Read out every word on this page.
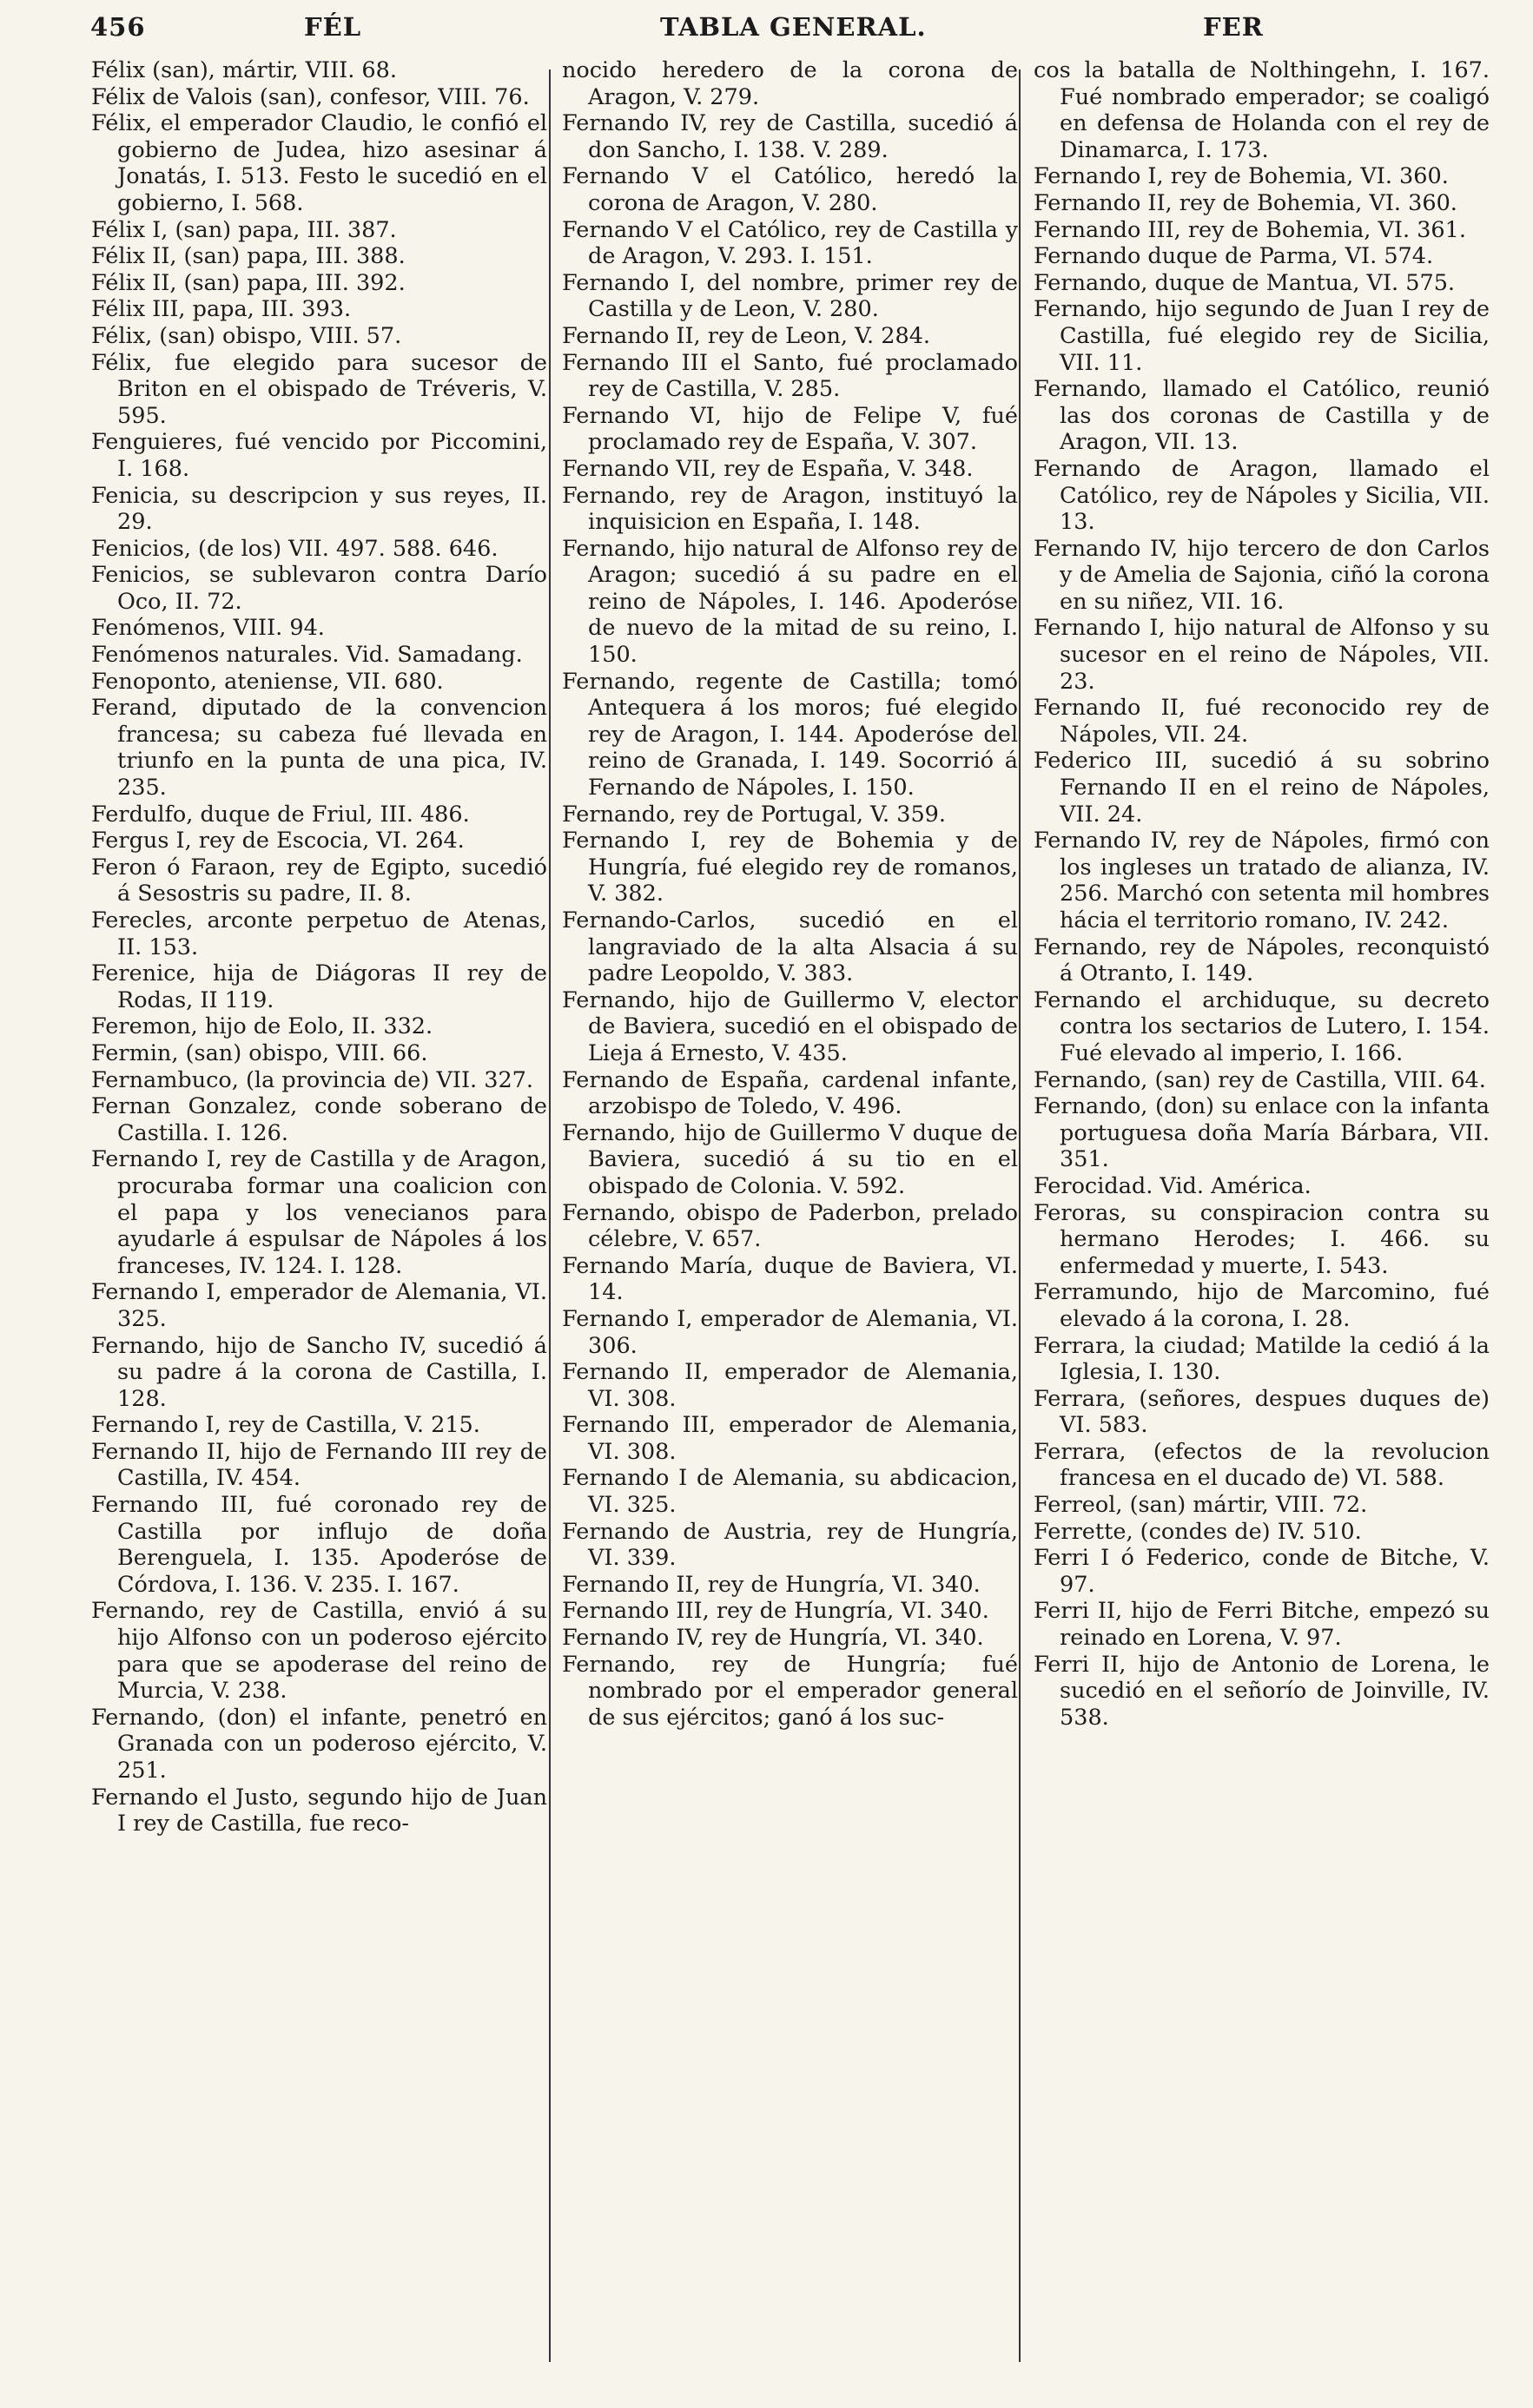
456	FÉL	TABLA GENERAL.	FER
Félix (san), mártir, VIII. 68.
Félix de Valois (san), confesor, VIII. 76.
Félix, el emperador Claudio, le confió el gobierno de Judea, hizo asesinar á Jonatás, I. 513. Festo le sucedió en el gobierno, I. 568.
Félix I, (san) papa, III. 387.
Félix II, (san) papa, III. 388.
Félix II, (san) papa, III. 392.
Félix III, papa, III. 393.
Félix, (san) obispo, VIII. 57.
Félix, fue elegido para sucesor de Briton en el obispado de Tréveris, V. 595.
Fenguieres, fué vencido por Piccomini, I. 168.
Fenicia, su descripcion y sus reyes, II. 29.
Fenicios, (de los) VII. 497. 588. 646.
Fenicios, se sublevaron contra Darío Oco, II. 72.
Fenómenos, VIII. 94.
Fenómenos naturales. Vid. Samadang.
Fenoponto, ateniense, VII. 680.
Ferand, diputado de la convencion francesa; su cabeza fué llevada en triunfo en la punta de una pica, IV. 235.
Ferdulfo, duque de Friul, III. 486.
Fergus I, rey de Escocia, VI. 264.
Feron ó Faraon, rey de Egipto, sucedió á Sesostris su padre, II. 8.
Ferecles, arconte perpetuo de Atenas, II. 153.
Ferenice, hija de Diágoras II rey de Rodas, II 119.
Feremon, hijo de Eolo, II. 332.
Fermin, (san) obispo, VIII. 66.
Fernambuco, (la provincia de) VII. 327.
Fernan Gonzalez, conde soberano de Castilla. I. 126.
Fernando I, rey de Castilla y de Aragon, procuraba formar una coalicion con el papa y los venecianos para ayudarle á espulsar de Nápoles á los franceses, IV. 124. I. 128.
Fernando I, emperador de Alemania, VI. 325.
Fernando, hijo de Sancho IV, sucedió á su padre á la corona de Castilla, I. 128.
Fernando I, rey de Castilla, V. 215.
Fernando II, hijo de Fernando III rey de Castilla, IV. 454.
Fernando III, fué coronado rey de Castilla por influjo de doña Berenguela, I. 135. Apoderóse de Córdova, I. 136. V. 235. I. 167.
Fernando, rey de Castilla, envió á su hijo Alfonso con un poderoso ejército para que se apoderase del reino de Murcia, V. 238.
Fernando, (don) el infante, penetró en Granada con un poderoso ejército, V. 251.
Fernando el Justo, segundo hijo de Juan I rey de Castilla, fue reco-
nocido heredero de la corona de Aragon, V. 279.
Fernando IV, rey de Castilla, sucedió á don Sancho, I. 138. V. 289.
Fernando V el Católico, heredó la corona de Aragon, V. 280.
Fernando V el Católico, rey de Castilla y de Aragon, V. 293. I. 151.
Fernando I, del nombre, primer rey de Castilla y de Leon, V. 280.
Fernando II, rey de Leon, V. 284.
Fernando III el Santo, fué proclamado rey de Castilla, V. 285.
Fernando VI, hijo de Felipe V, fué proclamado rey de España, V. 307.
Fernando VII, rey de España, V. 348.
Fernando, rey de Aragon, instituyó la inquisicion en España, I. 148.
Fernando, hijo natural de Alfonso rey de Aragon; sucedió á su padre en el reino de Nápoles, I. 146. Apoderóse de nuevo de la mitad de su reino, I. 150.
Fernando, regente de Castilla; tomó Antequera á los moros; fué elegido rey de Aragon, I. 144. Apoderóse del reino de Granada, I. 149. Socorrió á Fernando de Nápoles, I. 150.
Fernando, rey de Portugal, V. 359.
Fernando I, rey de Bohemia y de Hungría, fué elegido rey de romanos, V. 382.
Fernando-Carlos, sucedió en el langraviado de la alta Alsacia á su padre Leopoldo, V. 383.
Fernando, hijo de Guillermo V, elector de Baviera, sucedió en el obispado de Lieja á Ernesto, V. 435.
Fernando de España, cardenal infante, arzobispo de Toledo, V. 496.
Fernando, hijo de Guillermo V duque de Baviera, sucedió á su tio en el obispado de Colonia. V. 592.
Fernando, obispo de Paderbon, prelado célebre, V. 657.
Fernando María, duque de Baviera, VI. 14.
Fernando I, emperador de Alemania, VI. 306.
Fernando II, emperador de Alemania, VI. 308.
Fernando III, emperador de Alemania, VI. 308.
Fernando I de Alemania, su abdicacion, VI. 325.
Fernando de Austria, rey de Hungría, VI. 339.
Fernando II, rey de Hungría, VI. 340.
Fernando III, rey de Hungría, VI. 340.
Fernando IV, rey de Hungría, VI. 340.
Fernando, rey de Hungría; fué nombrado por el emperador general de sus ejércitos; ganó á los suc-
cos la batalla de Nolthingehn, I. 167. Fué nombrado emperador; se coaligó en defensa de Holanda con el rey de Dinamarca, I. 173.
Fernando I, rey de Bohemia, VI. 360.
Fernando II, rey de Bohemia, VI. 360.
Fernando III, rey de Bohemia, VI. 361.
Fernando duque de Parma, VI. 574.
Fernando, duque de Mantua, VI. 575.
Fernando, hijo segundo de Juan I rey de Castilla, fué elegido rey de Sicilia, VII. 11.
Fernando, llamado el Católico, reunió las dos coronas de Castilla y de Aragon, VII. 13.
Fernando de Aragon, llamado el Católico, rey de Nápoles y Sicilia, VII. 13.
Fernando IV, hijo tercero de don Carlos y de Amelia de Sajonia, ciñó la corona en su niñez, VII. 16.
Fernando I, hijo natural de Alfonso y su sucesor en el reino de Nápoles, VII. 23.
Fernando II, fué reconocido rey de Nápoles, VII. 24.
Federico III, sucedió á su sobrino Fernando II en el reino de Nápoles, VII. 24.
Fernando IV, rey de Nápoles, firmó con los ingleses un tratado de alianza, IV. 256. Marchó con setenta mil hombres hácia el territorio romano, IV. 242.
Fernando, rey de Nápoles, reconquistó á Otranto, I. 149.
Fernando el archiduque, su decreto contra los sectarios de Lutero, I. 154. Fué elevado al imperio, I. 166.
Fernando, (san) rey de Castilla, VIII. 64.
Fernando, (don) su enlace con la infanta portuguesa doña María Bárbara, VII. 351.
Ferocidad. Vid. América.
Feroras, su conspiracion contra su hermano Herodes; I. 466. su enfermedad y muerte, I. 543.
Ferramundo, hijo de Marcomino, fué elevado á la corona, I. 28.
Ferrara, la ciudad; Matilde la cedió á la Iglesia, I. 130.
Ferrara, (señores, despues duques de) VI. 583.
Ferrara, (efectos de la revolucion francesa en el ducado de) VI. 588.
Ferreol, (san) mártir, VIII. 72.
Ferrette, (condes de) IV. 510.
Ferri I ó Federico, conde de Bitche, V. 97.
Ferri II, hijo de Ferri Bitche, empezó su reinado en Lorena, V. 97.
Ferri II, hijo de Antonio de Lorena, le sucedió en el señorío de Joinville, IV. 538.
